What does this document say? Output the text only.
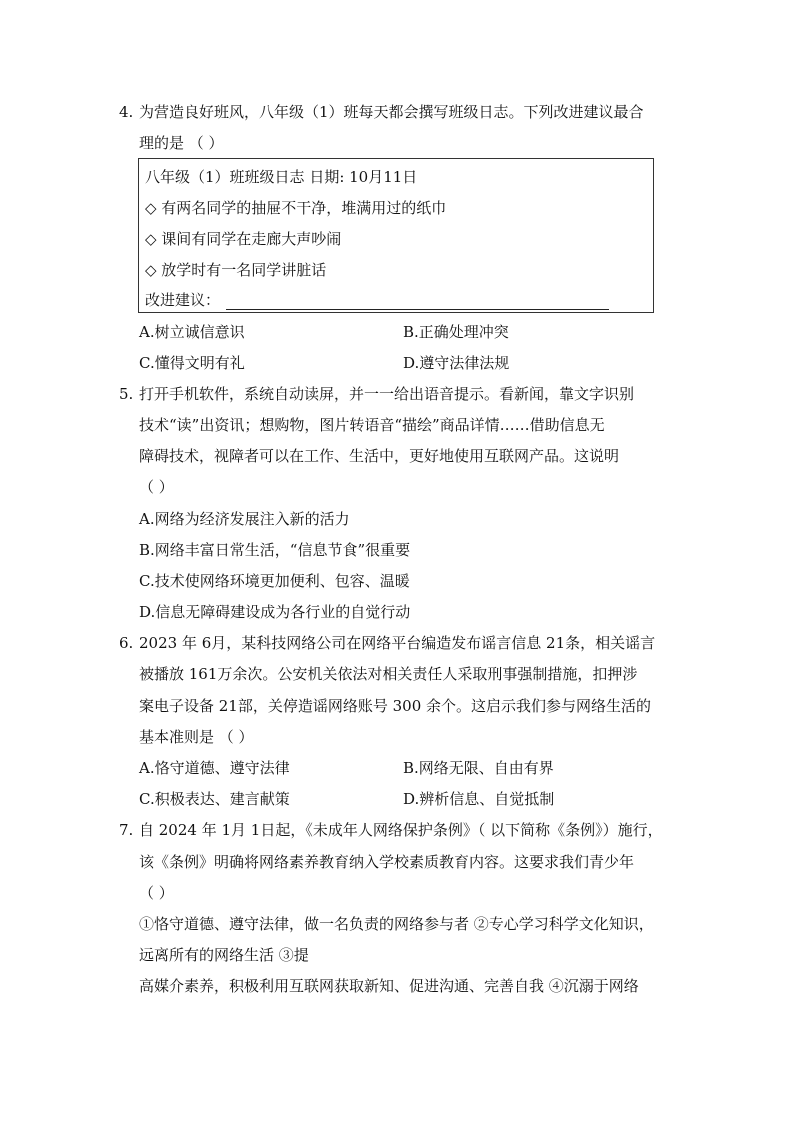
4. 为营造良好班风，八年级（1）班每天都会撰写班级日志。下列改进建议最合
理的是 （ ）
八年级（1）班班级日志 日期: 10月11日
◇ 有两名同学的抽屉不干净，堆满用过的纸巾
◇ 课间有同学在走廊大声吵闹
◇ 放学时有一名同学讲脏话
改进建议：
A.树立诚信意识	B.正确处理冲突
C.懂得文明有礼	D.遵守法律法规
5. 打开手机软件，系统自动读屏，并一一给出语音提示。看新闻，靠文字识别
技术“读”出资讯；想购物，图片转语音“描绘”商品详情……借助信息无
障碍技术，视障者可以在工作、生活中，更好地使用互联网产品。这说明
（ ）
A.网络为经济发展注入新的活力
B.网络丰富日常生活，“信息节食”很重要
C.技术使网络环境更加便利、包容、温暖
D.信息无障碍建设成为各行业的自觉行动
6. 2023 年 6月，某科技网络公司在网络平台编造发布谣言信息 21条，相关谣言
被播放 161万余次。公安机关依法对相关责任人采取刑事强制措施，扣押涉
案电子设备 21部，关停造谣网络账号 300 余个。这启示我们参与网络生活的
基本准则是 （ ）
A.恪守道德、遵守法律	B.网络无限、自由有界
C.积极表达、建言献策	D.辨析信息、自觉抵制
7. 自 2024 年 1月 1日起，《未成年人网络保护条例》（ 以下简称《条例》）施行，
该《条例》明确将网络素养教育纳入学校素质教育内容。这要求我们青少年
（ ）
①恪守道德、遵守法律，做一名负责的网络参与者 ②专心学习科学文化知识，
远离所有的网络生活 ③提
高媒介素养，积极利用互联网获取新知、促进沟通、完善自我 ④沉溺于网络
